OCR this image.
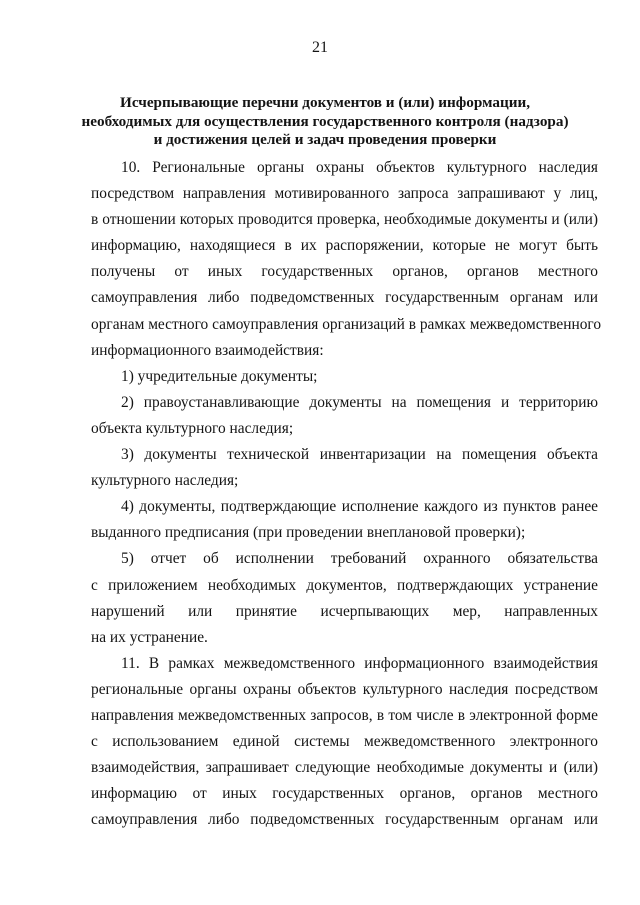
21
Исчерпывающие перечни документов и (или) информации,
необходимых для осуществления государственного контроля (надзора)
и достижения целей и задач проведения проверки
10. Региональные органы охраны объектов культурного наследия
посредством направления мотивированного запроса запрашивают у лиц,
в отношении которых проводится проверка, необходимые документы и (или)
информацию, находящиеся в их распоряжении, которые не могут быть
получены от иных государственных органов, органов местного
самоуправления либо подведомственных государственным органам или
органам местного самоуправления организаций в рамках межведомственного
информационного взаимодействия:
1) учредительные документы;
2) правоустанавливающие документы на помещения и территорию
объекта культурного наследия;
3) документы технической инвентаризации на помещения объекта
культурного наследия;
4) документы, подтверждающие исполнение каждого из пунктов ранее
выданного предписания (при проведении внеплановой проверки);
5) отчет об исполнении требований охранного обязательства
с приложением необходимых документов, подтверждающих устранение
нарушений или принятие исчерпывающих мер, направленных
на их устранение.
11. В рамках межведомственного информационного взаимодействия
региональные органы охраны объектов культурного наследия посредством
направления межведомственных запросов, в том числе в электронной форме
с использованием единой системы межведомственного электронного
взаимодействия, запрашивает следующие необходимые документы и (или)
информацию от иных государственных органов, органов местного
самоуправления либо подведомственных государственным органам или
